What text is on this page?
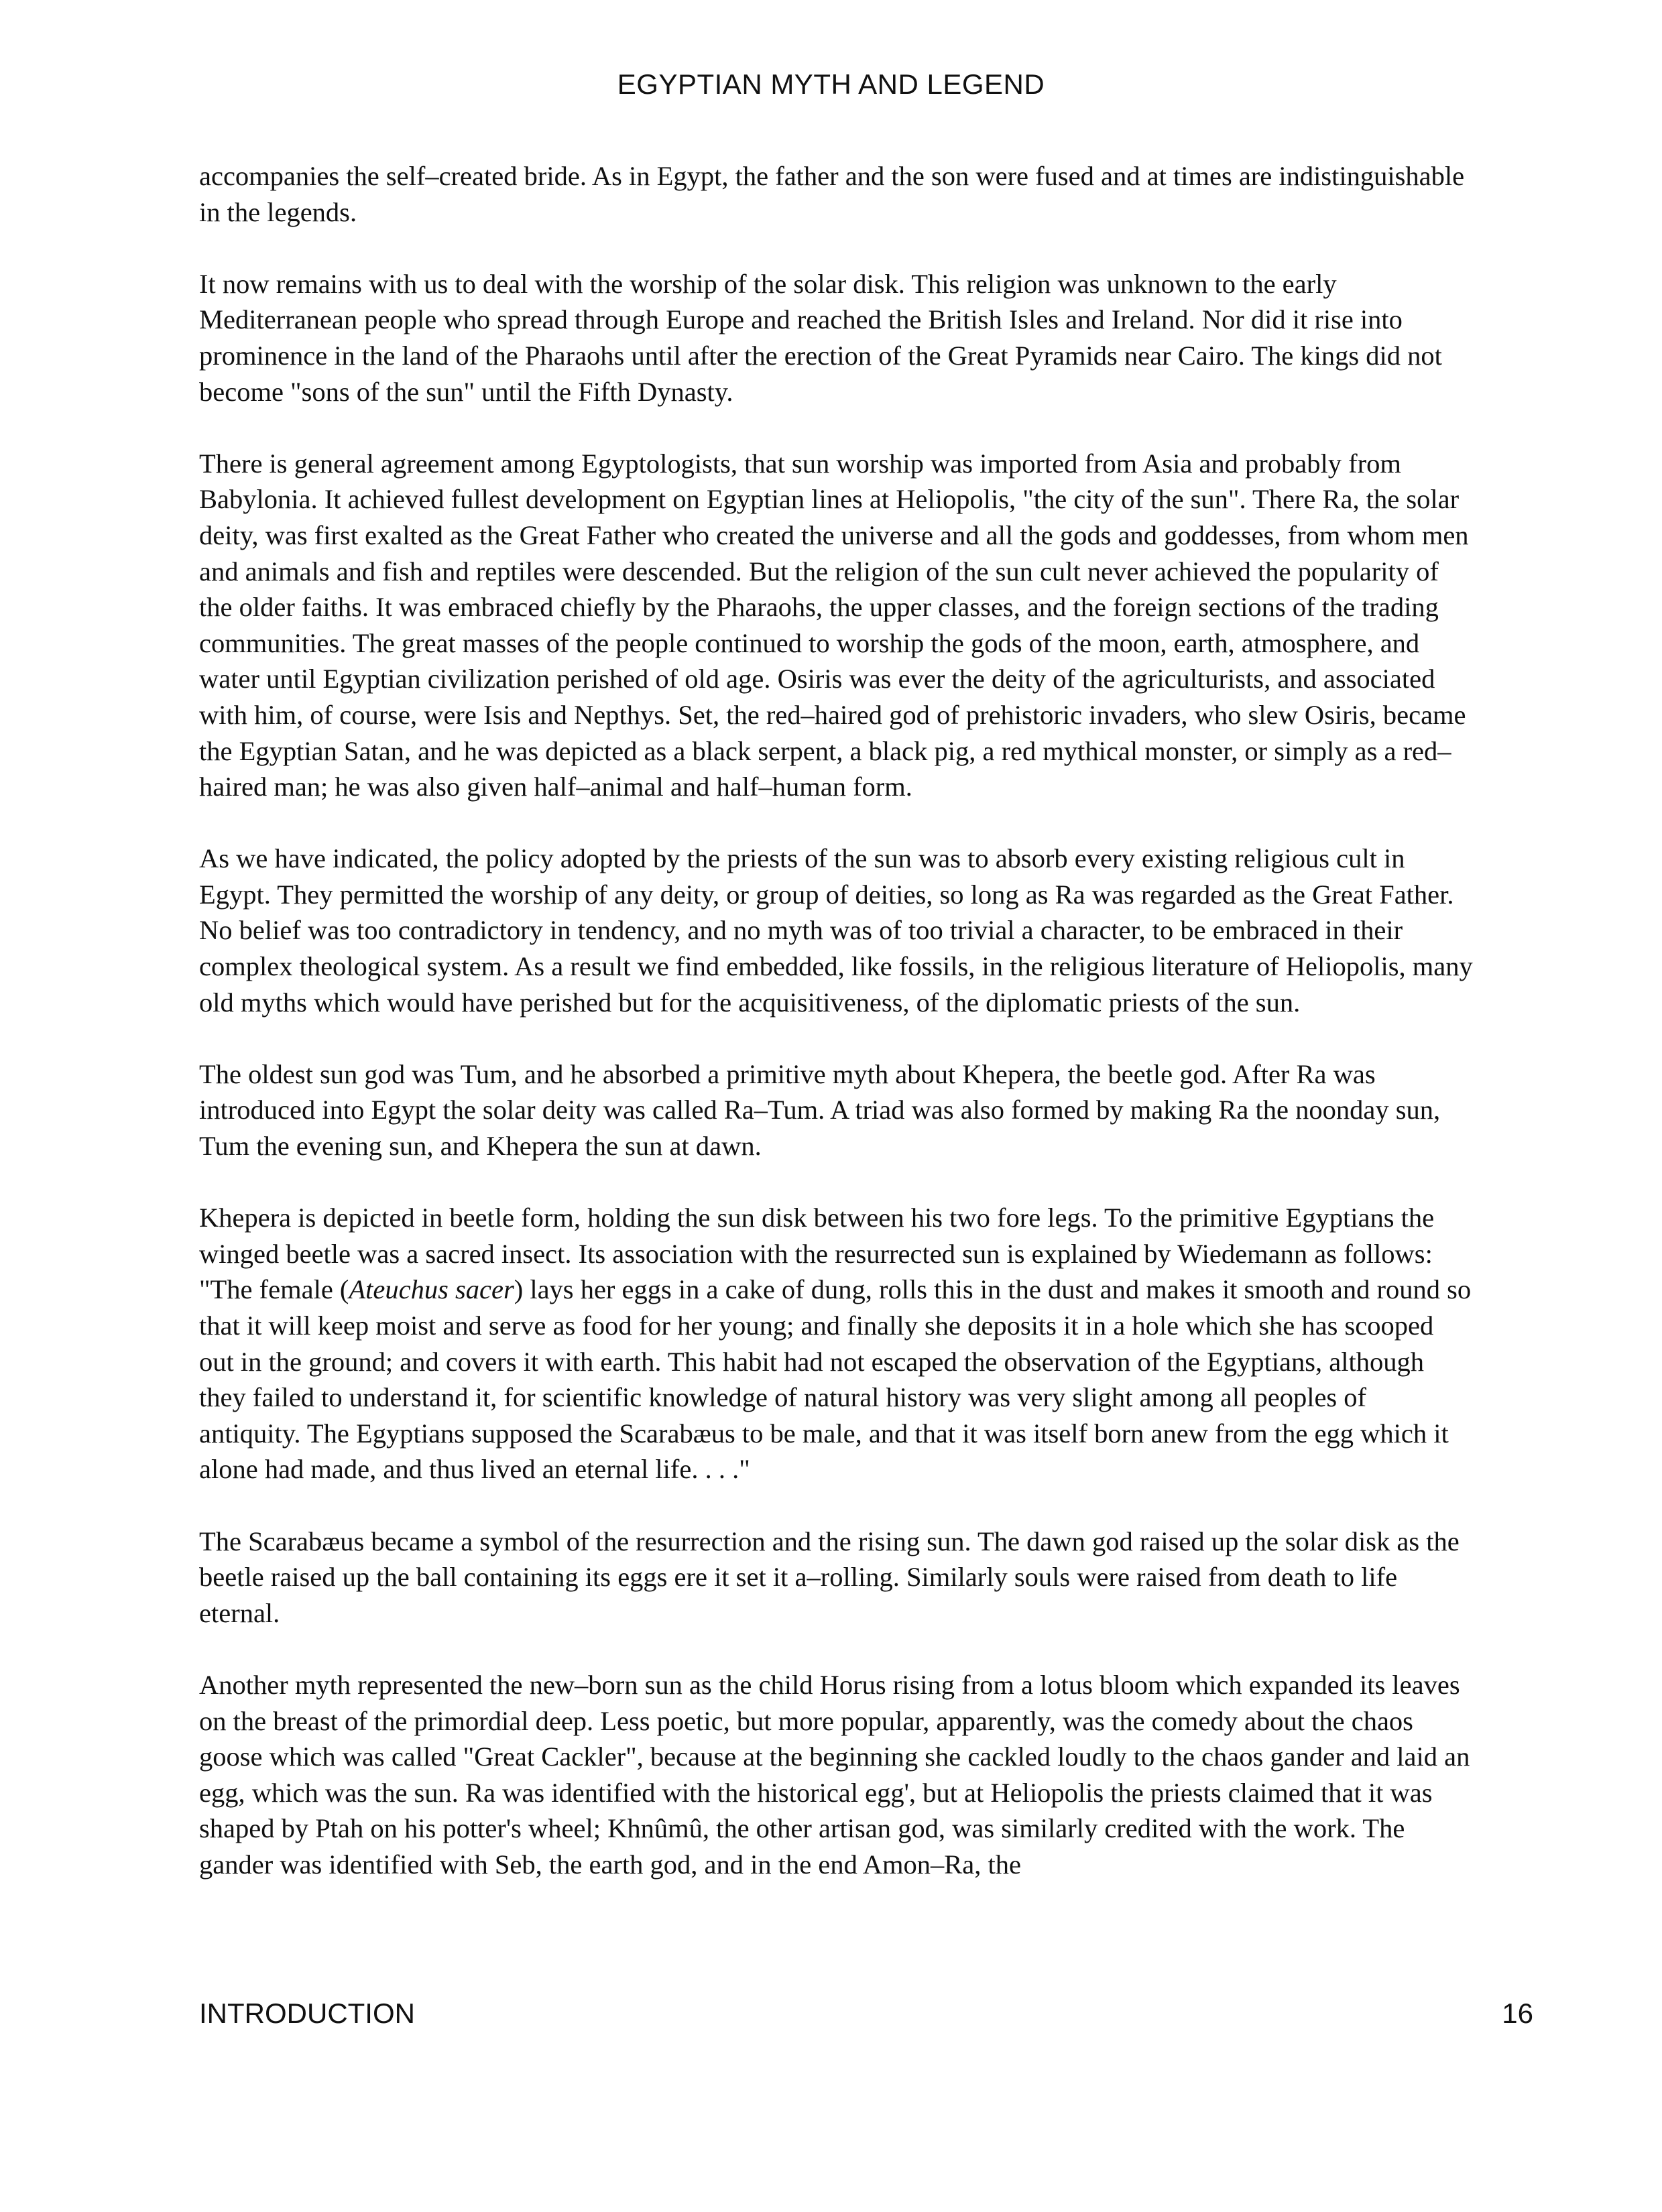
EGYPTIAN MYTH AND LEGEND

accompanies the self–created bride. As in Egypt, the father and the son were fused and at times are indistinguishable in the legends.

It now remains with us to deal with the worship of the solar disk. This religion was unknown to the early Mediterranean people who spread through Europe and reached the British Isles and Ireland. Nor did it rise into prominence in the land of the Pharaohs until after the erection of the Great Pyramids near Cairo. The kings did not become "sons of the sun" until the Fifth Dynasty.

There is general agreement among Egyptologists, that sun worship was imported from Asia and probably from Babylonia. It achieved fullest development on Egyptian lines at Heliopolis, "the city of the sun". There Ra, the solar deity, was first exalted as the Great Father who created the universe and all the gods and goddesses, from whom men and animals and fish and reptiles were descended. But the religion of the sun cult never achieved the popularity of the older faiths. It was embraced chiefly by the Pharaohs, the upper classes, and the foreign sections of the trading communities. The great masses of the people continued to worship the gods of the moon, earth, atmosphere, and water until Egyptian civilization perished of old age. Osiris was ever the deity of the agriculturists, and associated with him, of course, were Isis and Nepthys. Set, the red–haired god of prehistoric invaders, who slew Osiris, became the Egyptian Satan, and he was depicted as a black serpent, a black pig, a red mythical monster, or simply as a red–haired man; he was also given half–animal and half–human form.

As we have indicated, the policy adopted by the priests of the sun was to absorb every existing religious cult in Egypt. They permitted the worship of any deity, or group of deities, so long as Ra was regarded as the Great Father. No belief was too contradictory in tendency, and no myth was of too trivial a character, to be embraced in their complex theological system. As a result we find embedded, like fossils, in the religious literature of Heliopolis, many old myths which would have perished but for the acquisitiveness, of the diplomatic priests of the sun.

The oldest sun god was Tum, and he absorbed a primitive myth about Khepera, the beetle god. After Ra was introduced into Egypt the solar deity was called Ra–Tum. A triad was also formed by making Ra the noonday sun, Tum the evening sun, and Khepera the sun at dawn.

Khepera is depicted in beetle form, holding the sun disk between his two fore legs. To the primitive Egyptians the winged beetle was a sacred insect. Its association with the resurrected sun is explained by Wiedemann as follows: "The female (Ateuchus sacer) lays her eggs in a cake of dung, rolls this in the dust and makes it smooth and round so that it will keep moist and serve as food for her young; and finally she deposits it in a hole which she has scooped out in the ground; and covers it with earth. This habit had not escaped the observation of the Egyptians, although they failed to understand it, for scientific knowledge of natural history was very slight among all peoples of antiquity. The Egyptians supposed the Scarabæus to be male, and that it was itself born anew from the egg which it alone had made, and thus lived an eternal life. . . ."

The Scarabæus became a symbol of the resurrection and the rising sun. The dawn god raised up the solar disk as the beetle raised up the ball containing its eggs ere it set it a–rolling. Similarly souls were raised from death to life eternal.

Another myth represented the new–born sun as the child Horus rising from a lotus bloom which expanded its leaves on the breast of the primordial deep. Less poetic, but more popular, apparently, was the comedy about the chaos goose which was called "Great Cackler", because at the beginning she cackled loudly to the chaos gander and laid an egg, which was the sun. Ra was identified with the historical egg', but at Heliopolis the priests claimed that it was shaped by Ptah on his potter's wheel; Khnûmû, the other artisan god, was similarly credited with the work. The gander was identified with Seb, the earth god, and in the end Amon–Ra, the

INTRODUCTION	16
